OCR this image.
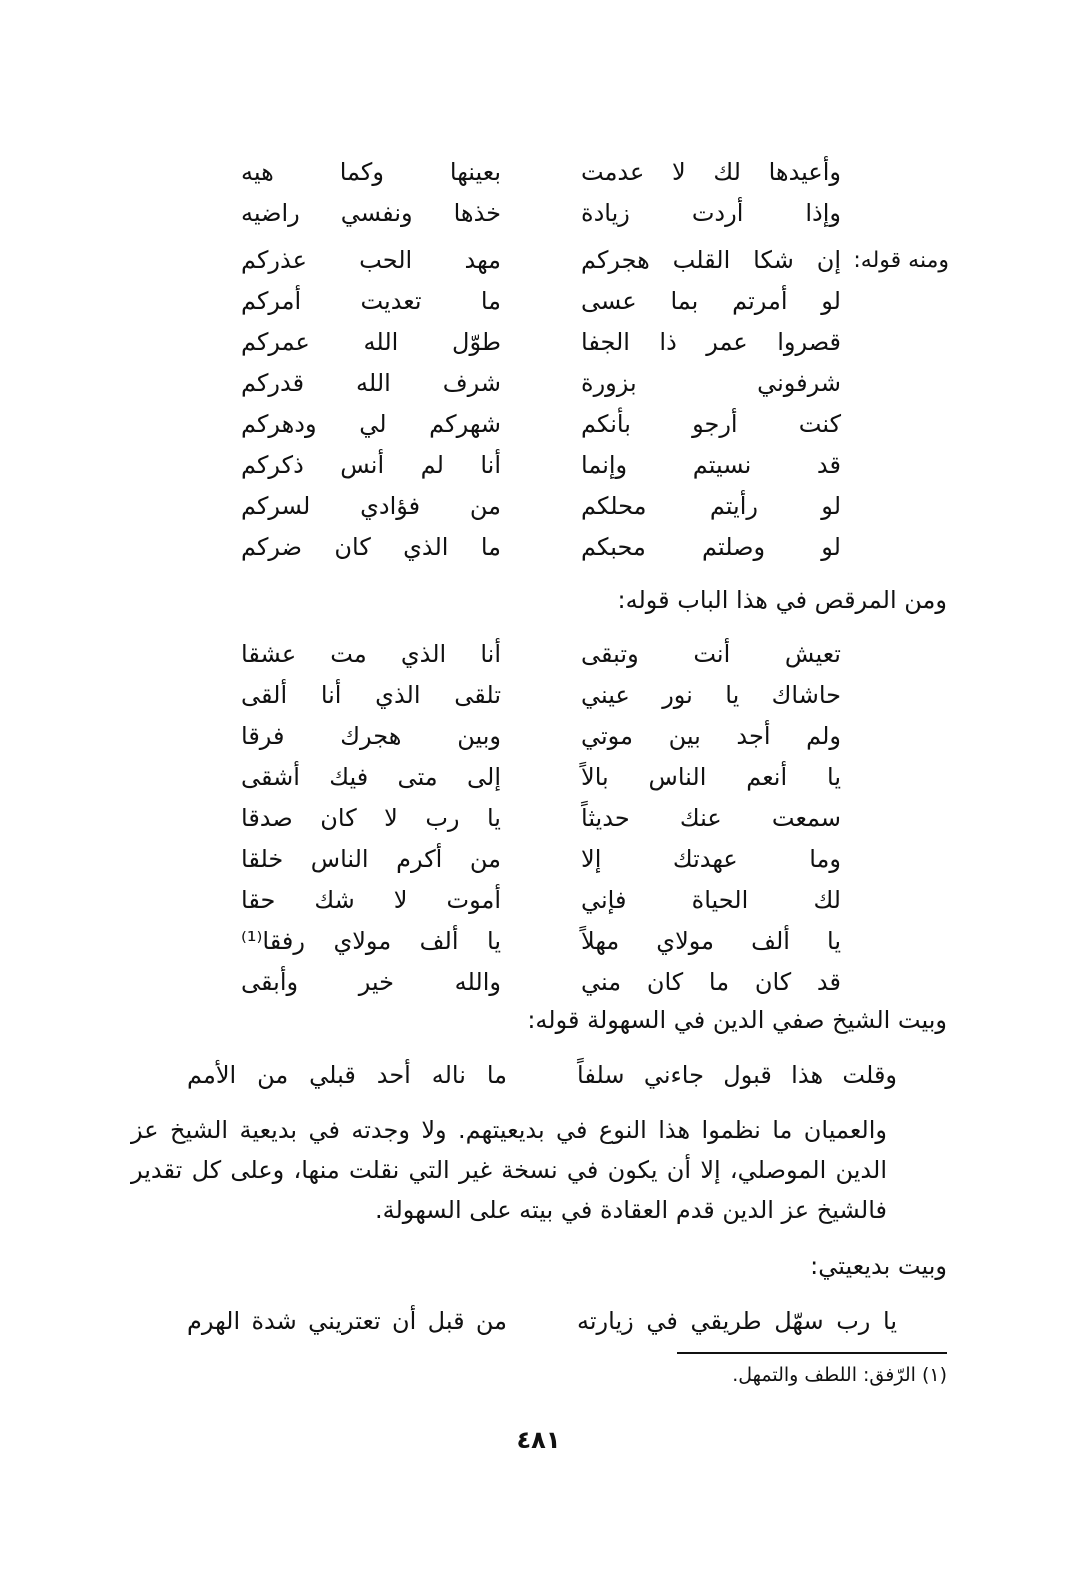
وأعيدها لك لا عدمت
بعينها وكما هيه
وإذا أردت زيادة
خذها ونفسي راضيه
ومنه قوله:
إن شكا القلب هجركم
مهد الحب عذركم
لو أمرتم بما عسى
ما تعديت أمركم
قصروا عمر ذا الجفا
طوّل الله عمركم
شرفوني بزورة
شرف الله قدركم
كنت أرجو بأنكم
شهركم لي ودهركم
قد نسيتم وإنما
أنا لم أنس ذكركم
لو رأيتم محلكم
من فؤادي لسركم
لو وصلتم محبكم
ما الذي كان ضركم
ومن المرقص في هذا الباب قوله:
تعيش أنت وتبقى
أنا الذي مت عشقا
حاشاك يا نور عيني
تلقى الذي أنا ألقى
ولم أجد بين موتي
وبين هجرك فرقا
يا أنعم الناس بالاً
إلى متى فيك أشقى
سمعت عنك حديثاً
يا رب لا كان صدقا
وما عهدتك إلا
من أكرم الناس خلقا
لك الحياة فإني
أموت لا شك حقا
يا ألف مولاي مهلاً
يا ألف مولاي رفقا⁽¹⁾
قد كان ما كان مني
والله خير وأبقى
وبيت الشيخ صفي الدين في السهولة قوله:
وقلت هذا قبول جاءني سلفاً
ما ناله أحد قبلي من الأمم

والعميان ما نظموا هذا النوع في بديعيتهم. ولا وجدته في بديعية الشيخ عز الدين الموصلي، إلا أن يكون في نسخة غير التي نقلت منها، وعلى كل تقدير فالشيخ عز الدين قدم العقادة في بيته على السهولة.

وبيت بديعيتي:
يا رب سهّل طريقي في زيارته
من قبل أن تعتريني شدة الهرم
(١) الرّفق: اللطف والتمهل.
٤٨١
